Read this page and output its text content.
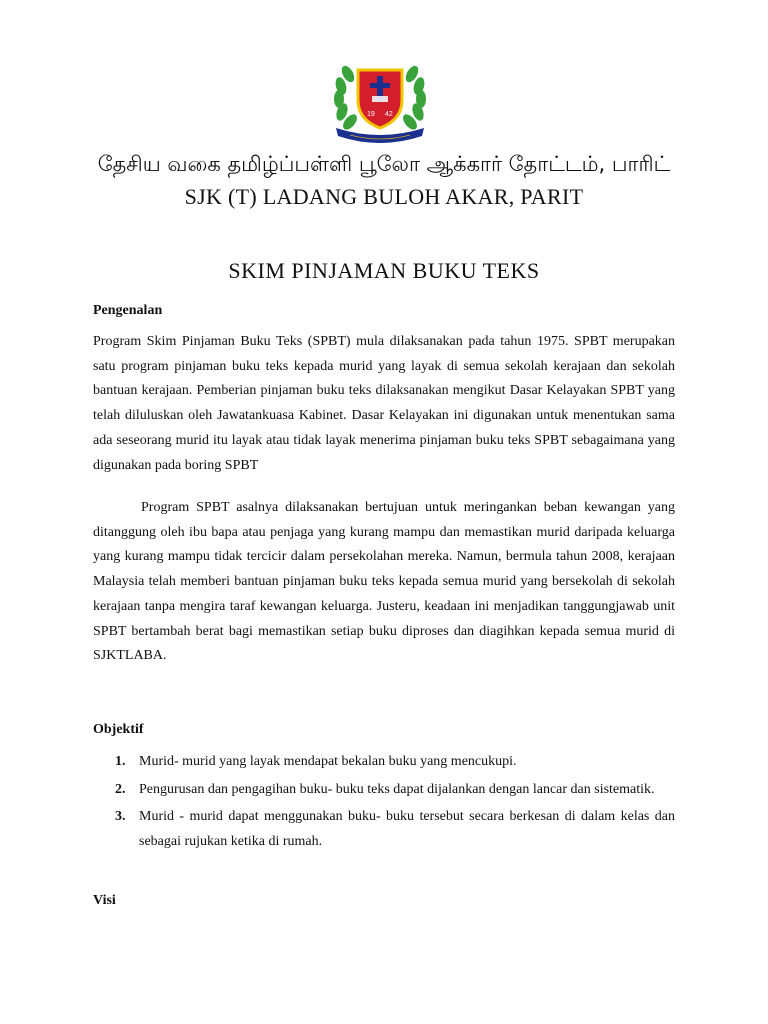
19 42
தேசிய வகை தமிழ்ப்பள்ளி பூலோ ஆக்கார் தோட்டம், பாரிட்
SJK (T) LADANG BULOH AKAR, PARIT
SKIM PINJAMAN BUKU TEKS
Pengenalan

Program Skim Pinjaman Buku Teks (SPBT) mula dilaksanakan pada tahun 1975. SPBT merupakan satu program pinjaman buku teks kepada murid yang layak di semua sekolah kerajaan dan sekolah bantuan kerajaan. Pemberian pinjaman buku teks dilaksanakan mengikut Dasar Kelayakan SPBT yang telah diluluskan oleh Jawatankuasa Kabinet. Dasar Kelayakan ini digunakan untuk menentukan sama ada seseorang murid itu layak atau tidak layak menerima pinjaman buku teks SPBT sebagaimana yang digunakan pada boring SPBT

Program SPBT asalnya dilaksanakan bertujuan untuk meringankan beban kewangan yang ditanggung oleh ibu bapa atau penjaga yang kurang mampu dan memastikan murid daripada keluarga yang kurang mampu tidak tercicir dalam persekolahan mereka. Namun, bermula tahun 2008, kerajaan Malaysia telah memberi bantuan pinjaman buku teks kepada semua murid yang bersekolah di sekolah kerajaan tanpa mengira taraf kewangan keluarga. Justeru, keadaan ini menjadikan tanggungjawab unit SPBT bertambah berat bagi memastikan setiap buku diproses dan diagihkan kepada semua murid di SJKTLABA.

Objektif
1. Murid- murid yang layak mendapat bekalan buku yang mencukupi.
2. Pengurusan dan pengagihan buku- buku teks dapat dijalankan dengan lancar dan sistematik.
3. Murid - murid dapat menggunakan buku- buku tersebut secara berkesan di dalam kelas dan sebagai rujukan ketika di rumah.
Visi
